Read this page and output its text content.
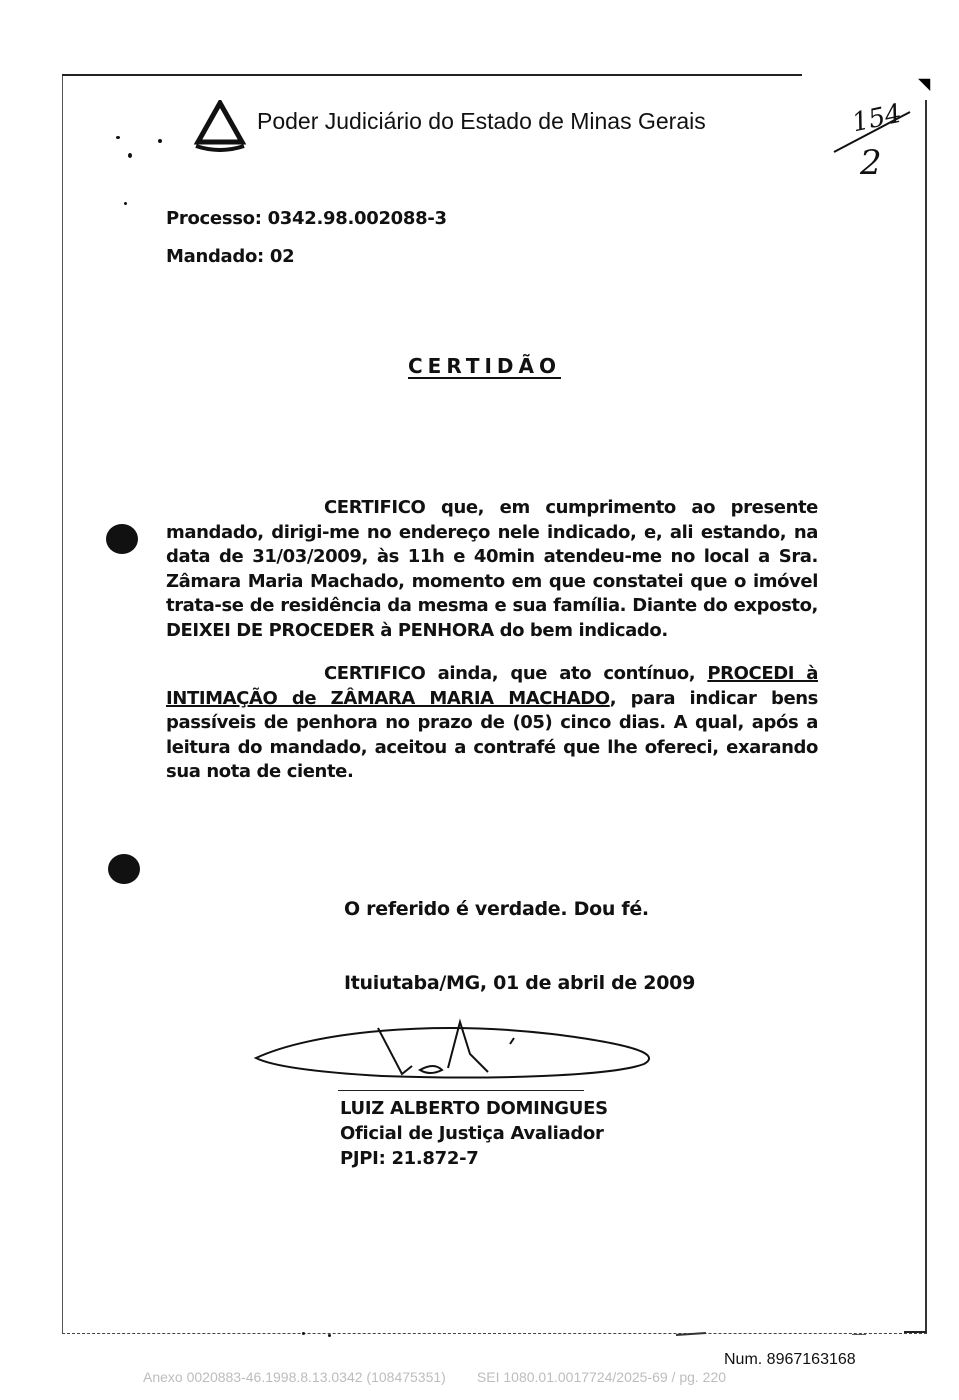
◥
Poder Judiciário do Estado de Minas Gerais	154
2
Processo: 0342.98.002088-3
Mandado: 02
CERTIDÃO
CERTIFICO que, em cumprimento ao presente mandado, dirigi-me no endereço nele indicado, e, ali estando, na data de 31/03/2009, às 11h e 40min atendeu-me no local a Sra. Zâmara Maria Machado, momento em que constatei que o imóvel trata-se de residência da mesma e sua família. Diante do exposto, DEIXEI DE PROCEDER à PENHORA do bem indicado.
CERTIFICO ainda, que ato contínuo, PROCEDI à INTIMAÇÃO de ZÂMARA MARIA MACHADO, para indicar bens passíveis de penhora no prazo de (05) cinco dias. A qual, após a leitura do mandado, aceitou a contrafé que lhe ofereci, exarando sua nota de ciente.
O referido é verdade. Dou fé.
Ituiutaba/MG, 01 de abril de 2009
LUIZ ALBERTO DOMINGUES
Oficial de Justiça Avaliador
PJPI: 21.872-7
Num. 8967163168
Anexo 0020883-46.1998.8.13.0342 (108475351)        SEI 1080.01.0017724/2025-69 / pg. 220
